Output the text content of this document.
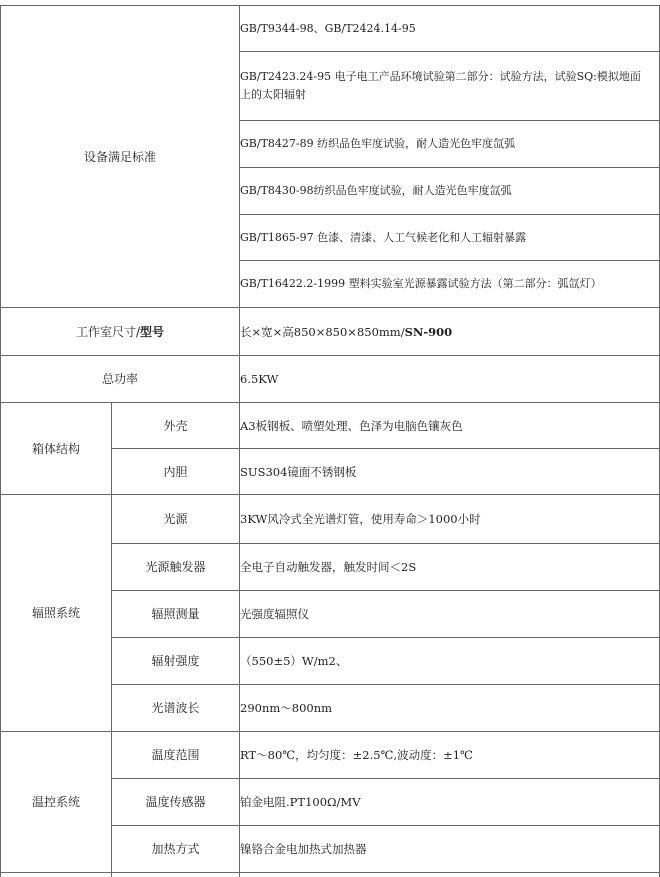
设备满足标准
GB/T9344-98、GB/T2424.14-95
GB/T2423.24-95 电子电工产品环境试验第二部分：试验方法，试验SQ:模拟地面上的太阳辐射
GB/T8427-89 纺织品色牢度试验，耐人造光色牢度氙弧
GB/T8430-98纺织品色牢度试验，耐人造光色牢度氙弧
GB/T1865-97 色漆、清漆、人工气候老化和人工辐射暴露
GB/T16422.2-1999 塑料实验室光源暴露试验方法（第二部分：弧氙灯）
工作室尺寸/ 型号	长×宽×高850×850×850mm/ SN-900
总功率	6.5KW
箱体结构
外壳	A3板钢板、喷塑处理、色泽为电脑色镶灰色
内胆	SUS304镜面不锈钢板
辐照系统
光源	3KW风冷式全光谱灯管，使用寿命＞1000小时
光源触发器	全电子自动触发器，触发时间＜2S
辐照测量	光强度辐照仪
辐射强度	（550±5）W/m2、
光谱波长	290nm～800nm
温控系统
温度范围	RT～80℃，均匀度：±2.5℃,波动度：±1℃
温度传感器	铂金电阻.PT100Ω/MV
加热方式	镍铬合金电加热式加热器
